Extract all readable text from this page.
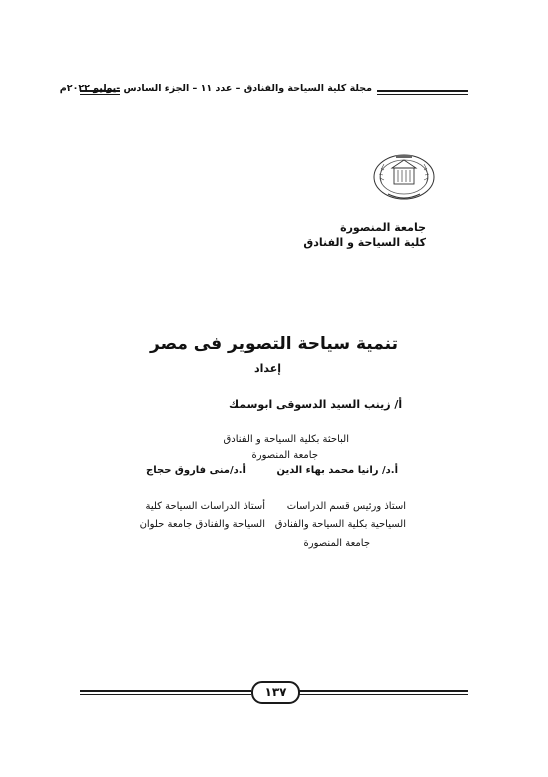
مجلة كلية السياحة والفنادق – عدد ١١ – الجزء السادس -يوليو ٢٠٢٢م
جامعة المنصورة
كلية السياحة و الفنادق
تنمية سياحة التصوير فى مصر
إعداد
أ/ زينب السيد الدسوقى ابوسمك
الباحثة بكلية السياحة و الفنادق
جامعة المنصورة
أ.د/ رانيا محمد بهاء الدين
أ.د/منى فاروق حجاج
استاذ ورئيس قسم الدراسات
السياحية بكلية السياحة والفنادق
جامعة المنصورة
أستاذ الدراسات السياحة كلية
السياحة والفنادق جامعة حلوان
١٣٧
